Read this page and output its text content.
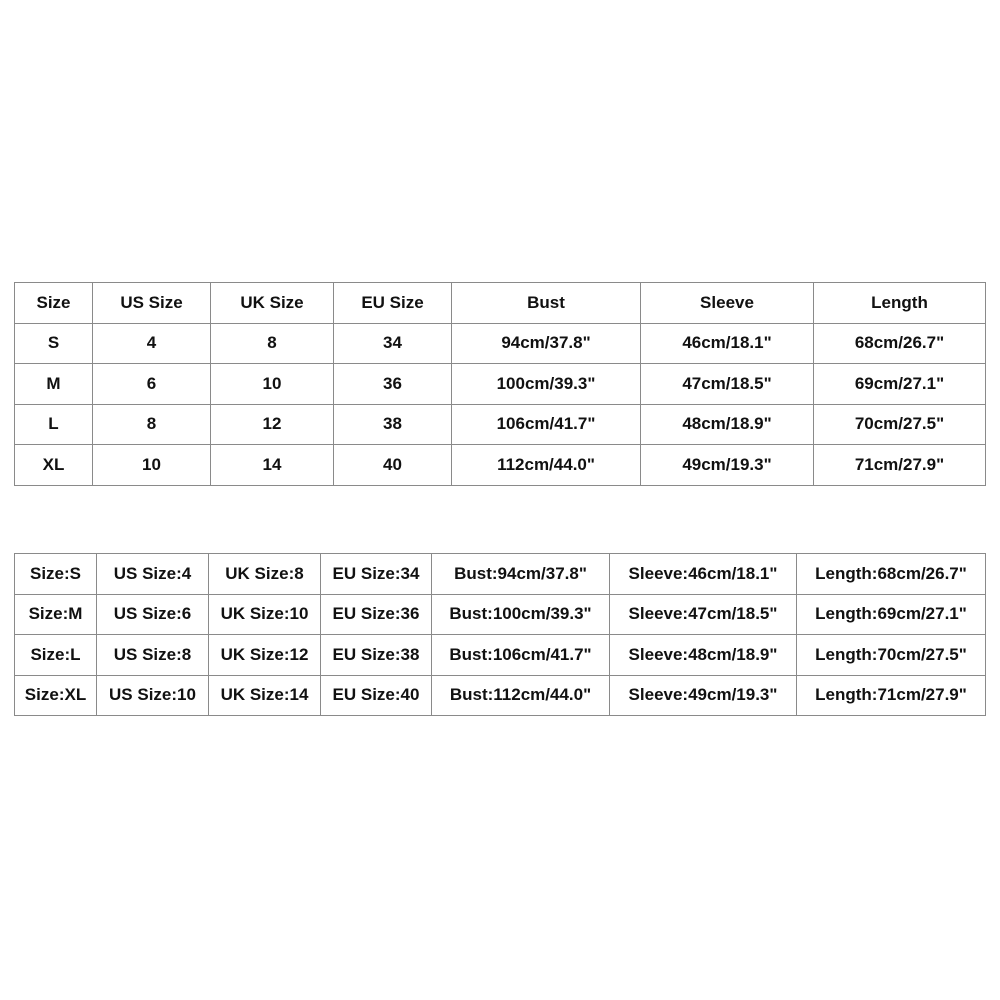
Size	US Size	UK Size	EU Size	Bust	Sleeve	Length
S	4	8	34	94cm/37.8"	46cm/18.1"	68cm/26.7"
M	6	10	36	100cm/39.3"	47cm/18.5"	69cm/27.1"
L	8	12	38	106cm/41.7"	48cm/18.9"	70cm/27.5"
XL	10	14	40	112cm/44.0"	49cm/19.3"	71cm/27.9"
Size:S	US Size:4	UK Size:8	EU Size:34	Bust:94cm/37.8"	Sleeve:46cm/18.1"	Length:68cm/26.7"
Size:M	US Size:6	UK Size:10	EU Size:36	Bust:100cm/39.3"	Sleeve:47cm/18.5"	Length:69cm/27.1"
Size:L	US Size:8	UK Size:12	EU Size:38	Bust:106cm/41.7"	Sleeve:48cm/18.9"	Length:70cm/27.5"
Size:XL	US Size:10	UK Size:14	EU Size:40	Bust:112cm/44.0"	Sleeve:49cm/19.3"	Length:71cm/27.9"
